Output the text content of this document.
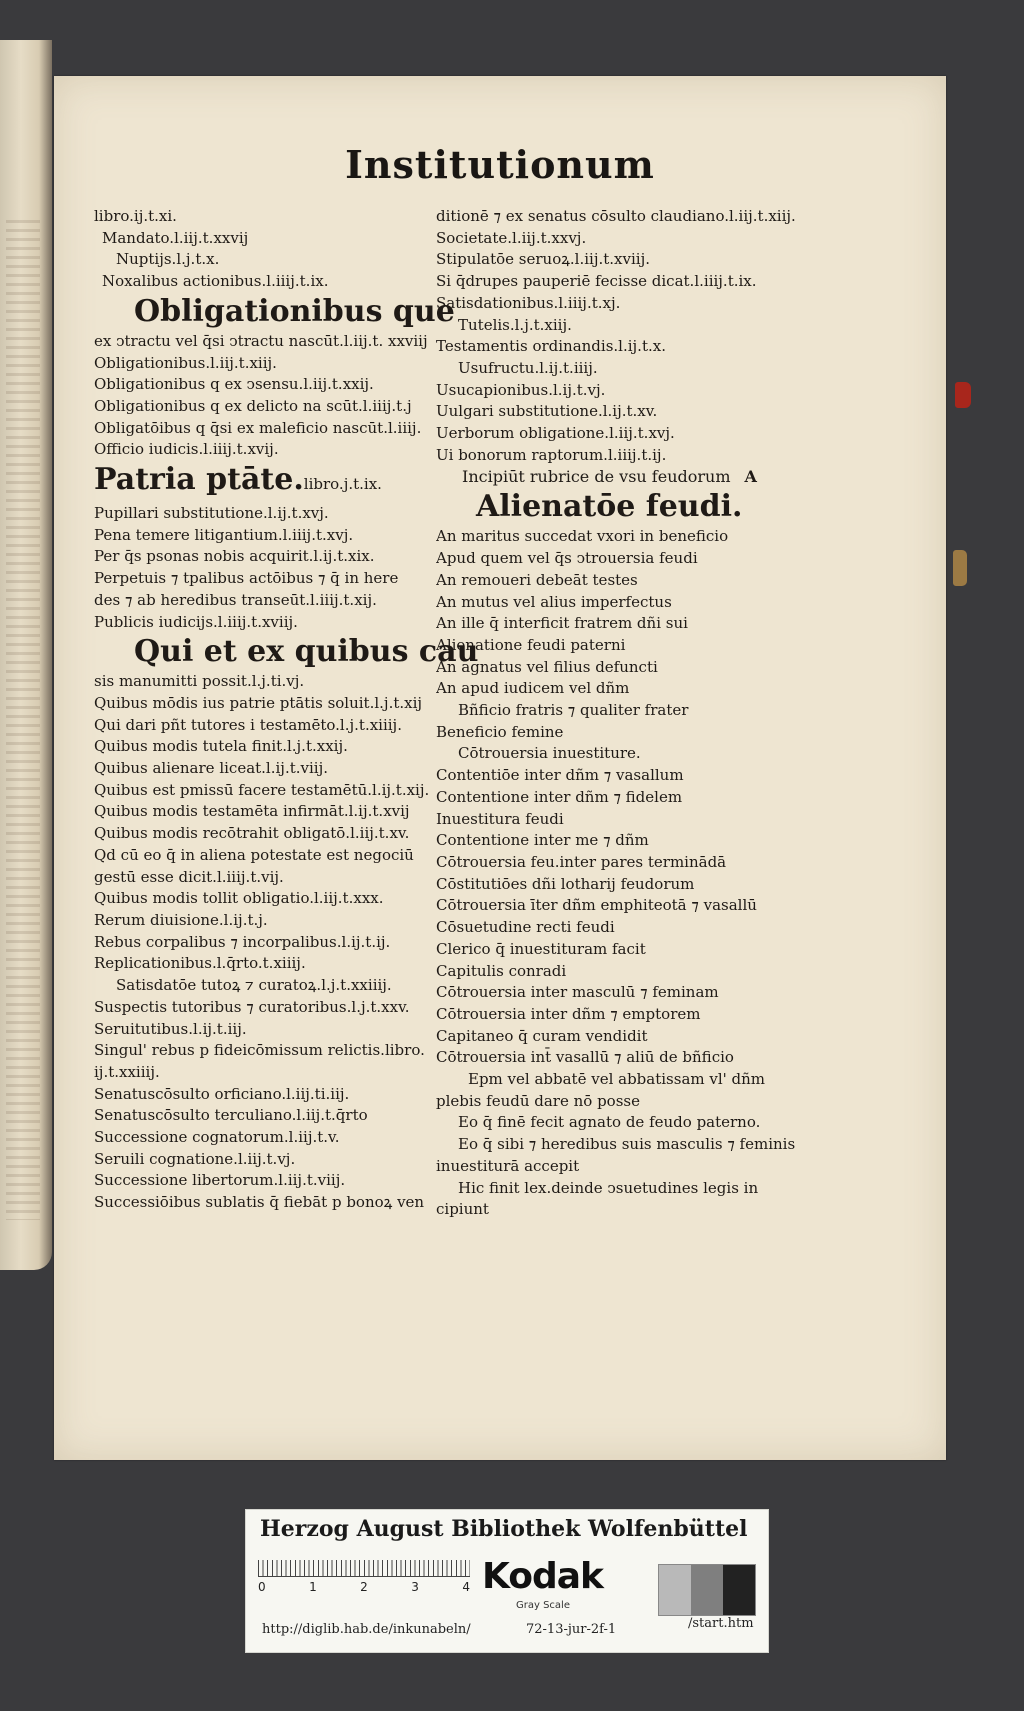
Institutionum
libro.ij.t.xi.
Mandato.l.iij.t.xxvij
Nuptijs.l.j.t.x.
Noxalibus actionibus.l.iiij.t.ix.
Obligationibus que
ex ↄtractu vel q̄si ↄtractu nascūt.l.iij.t. xxviij
Obligationibus.l.iij.t.xiij.
Obligationibus q ex ↄsensu.l.iij.t.xxij.
Obligationibus q ex delicto na scūt.l.iiij.t.j
Obligatōibus q q̄si ex maleficio nascūt.l.iiij.
Officio iudicis.l.iiij.t.xvij.
Patria ptāte.libro.j.t.ix.
Pupillari substitutione.l.ij.t.xvj.
Pena temere litigantium.l.iiij.t.xvj.
Per q̄s psonas nobis acquirit.l.ij.t.xix.
Perpetuis ⁊ tpalibus actōibus ⁊ q̄ in here
des ⁊ ab heredibus transeūt.l.iiij.t.xij.
Publicis iudicijs.l.iiij.t.xviij.
Qui et ex quibus cau
sis manumitti possit.l.j.ti.vj.
Quibus mōdis ius patrie ptātis soluit.l.j.t.xij
Qui dari pñt tutores i testamēto.l.j.t.xiiij.
Quibus modis tutela finit.l.j.t.xxij.
Quibus alienare liceat.l.ij.t.viij.
Quibus est pmissū facere testamētū.l.ij.t.xij.
Quibus modis testamēta infirmāt.l.ij.t.xvij
Quibus modis recōtrahit obligatō.l.iij.t.xv.
Qd cū eo q̄ in aliena potestate est negociū
gestū esse dicit.l.iiij.t.vij.
Quibus modis tollit obligatio.l.iij.t.xxx.
Rerum diuisione.l.ij.t.j.
Rebus corpalibus ⁊ incorpalibus.l.ij.t.ij.
Replicationibus.l.q̄rto.t.xiiij.
Satisdatōe tutoꝝ ⁊ curatoꝝ.l.j.t.xxiiij.
Suspectis tutoribus ⁊ curatoribus.l.j.t.xxv.
Seruitutibus.l.ij.t.iij.
Singul' rebus p fideicōmissum relictis.libro.
ij.t.xxiiij.
Senatuscōsulto orficiano.l.iij.ti.iij.
Senatuscōsulto terculiano.l.iij.t.q̄rto
Successione cognatorum.l.iij.t.v.
Seruili cognatione.l.iij.t.vj.
Successione libertorum.l.iij.t.viij.
Successiōibus sublatis q̄ fiebāt p bonoꝝ ven
ditionē ⁊ ex senatus cōsulto claudiano.l.iij.t.xiij.
Societate.l.iij.t.xxvj.
Stipulatōe seruoꝝ.l.iij.t.xviij.
Si q̄drupes pauperiē fecisse dicat.l.iiij.t.ix.
Satisdationibus.l.iiij.t.xj.
Tutelis.l.j.t.xiij.
Testamentis ordinandis.l.ij.t.x.
Usufructu.l.ij.t.iiij.
Usucapionibus.l.ij.t.vj.
Uulgari substitutione.l.ij.t.xv.
Uerborum obligatione.l.iij.t.xvj.
Ui bonorum raptorum.l.iiij.t.ij.
Incipiūt rubrice de vsu feudorum A
Alienatōe feudi.
An maritus succedat vxori in beneficio
Apud quem vel q̄s ↄtrouersia feudi
An remoueri debeāt testes
An mutus vel alius imperfectus
An ille q̄ interficit fratrem dñi sui
Alienatione feudi paterni
An agnatus vel filius defuncti
An apud iudicem vel dñm
Bñficio fratris ⁊ qualiter frater
Beneficio femine
Cōtrouersia inuestiture.
Contentiōe inter dñm ⁊ vasallum
Contentione inter dñm ⁊ fidelem
Inuestitura feudi
Contentione inter me ⁊ dñm
Cōtrouersia feu.inter pares terminādā
Cōstitutiōes dñi lotharij feudorum
Cōtrouersia īter dñm emphiteotā ⁊ vasallū
Cōsuetudine recti feudi
Clerico q̄ inuestituram facit
Capitulis conradi
Cōtrouersia inter masculū ⁊ feminam
Cōtrouersia inter dñm ⁊ emptorem
Capitaneo q̄ curam vendidit
Cōtrouersia int̄ vasallū ⁊ aliū de bñficio
Epm vel abbatē vel abbatissam vl' dñm
plebis feudū dare nō posse
Eo q̄ finē fecit agnato de feudo paterno.
Eo q̄ sibi ⁊ heredibus suis masculis ⁊ feminis
inuestiturā accepit
Hic finit lex.deinde ↄsuetudines legis in
cipiunt
Herzog August Bibliothek Wolfenbüttel
0	1	2	3	4 Kodak
Gray Scale
http://diglib.hab.de/inkunabeln/	72-13-jur-2f-1	/start.htm
